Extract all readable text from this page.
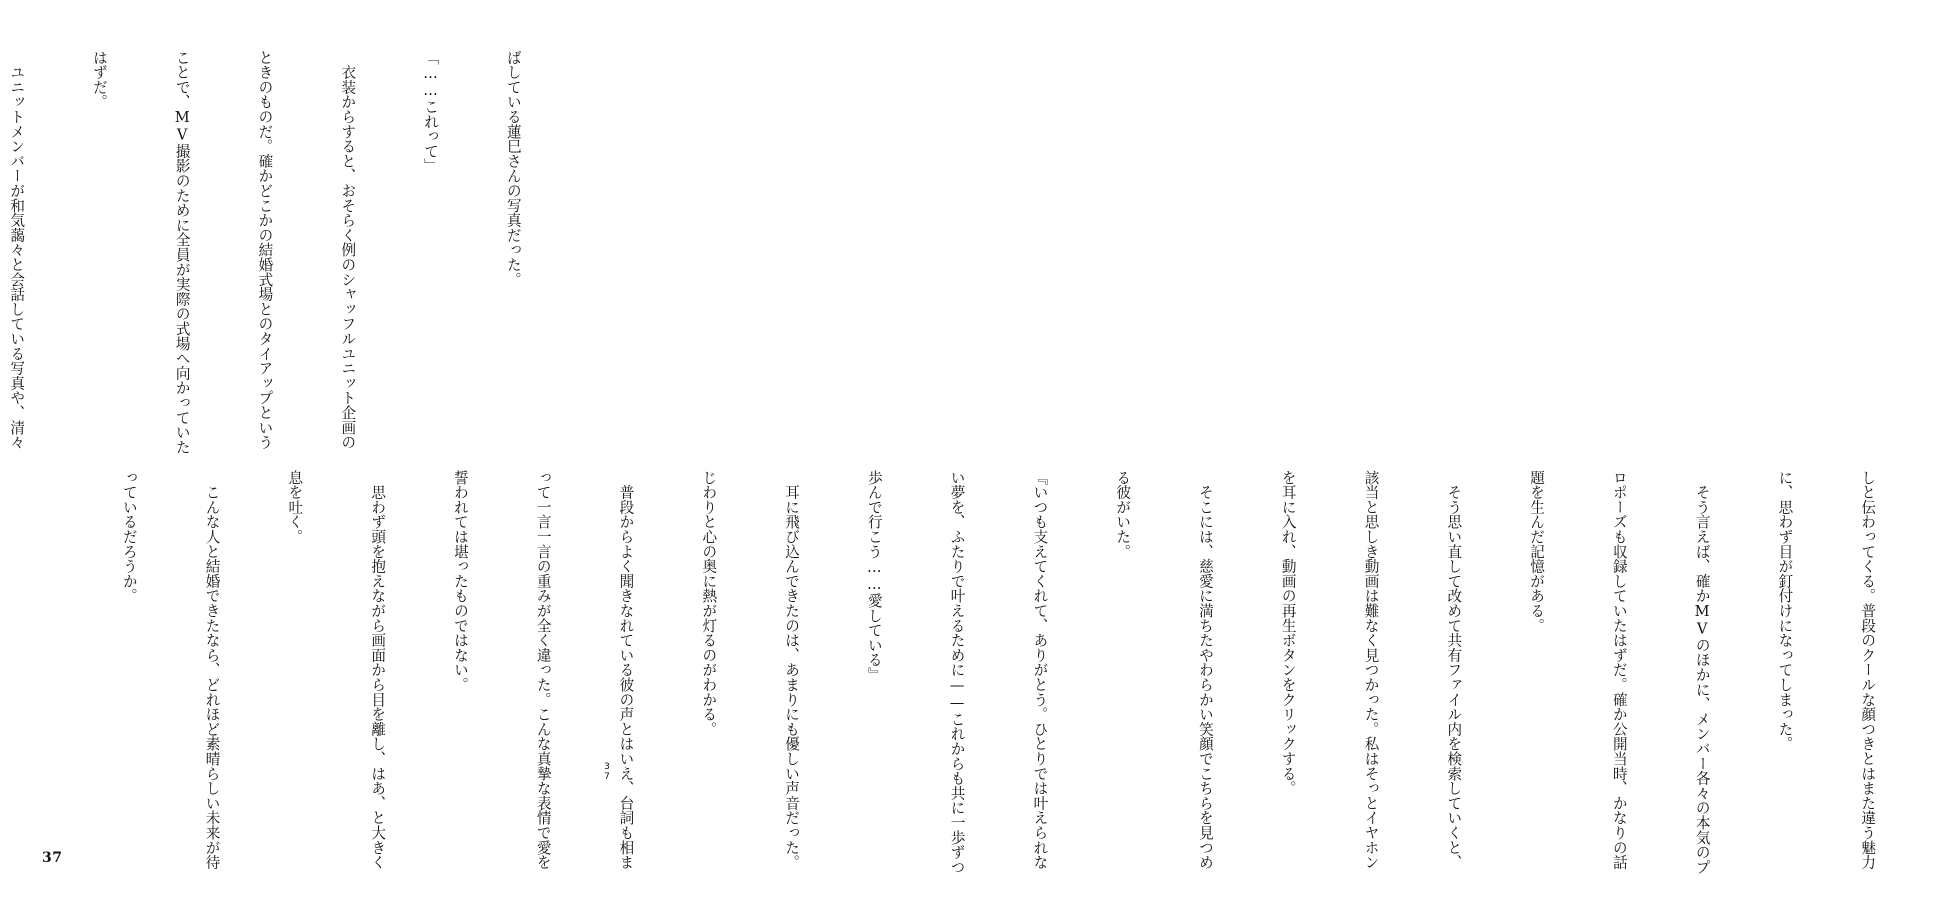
ばしている蓮巳さんの写真だった。

「……これって」

　衣装からすると、おそらく例のシャッフルユニット企画の

ときのものだ。確かどこかの結婚式場とのタイアップという

ことで、MV撮影のために全員が実際の式場へ向かっていた

はずだ。

　ユニットメンバーが和気藹々と会話している写真や、清々

しと伝わってくる。普段のクールな顔つきとはまた違う魅力

に、思わず目が釘付けになってしまった。

　そう言えば、確かMVのほかに、メンバー各々の本気のプ

ロポーズも収録していたはずだ。確か公開当時、かなりの話

題を生んだ記憶がある。

　そう思い直して改めて共有ファイル内を検索していくと、

該当と思しき動画は難なく見つかった。私はそっとイヤホン

を耳に入れ、動画の再生ボタンをクリックする。

　そこには、慈愛に満ちたやわらかい笑顔でこちらを見つめ

る彼がいた。

『いつも支えてくれて、ありがとう。ひとりでは叶えられな

い夢を、ふたりで叶えるために——これからも共に一歩ずつ

歩んで行こう……愛している』

　耳に飛び込んできたのは、あまりにも優しい声音だった。

じわりと心の奥に熱が灯るのがわかる。

　普段からよく聞きなれている彼の声とはいえ、台詞も相ま

って一言一言の重みが全く違った。こんな真摯な表情で愛を

誓われては堪ったものではない。

　思わず頭を抱えながら画面から目を離し、はあ、と大きく

息を吐く。

　こんな人と結婚できたなら、どれほど素晴らしい未来が待

っているだろうか。

37
37
